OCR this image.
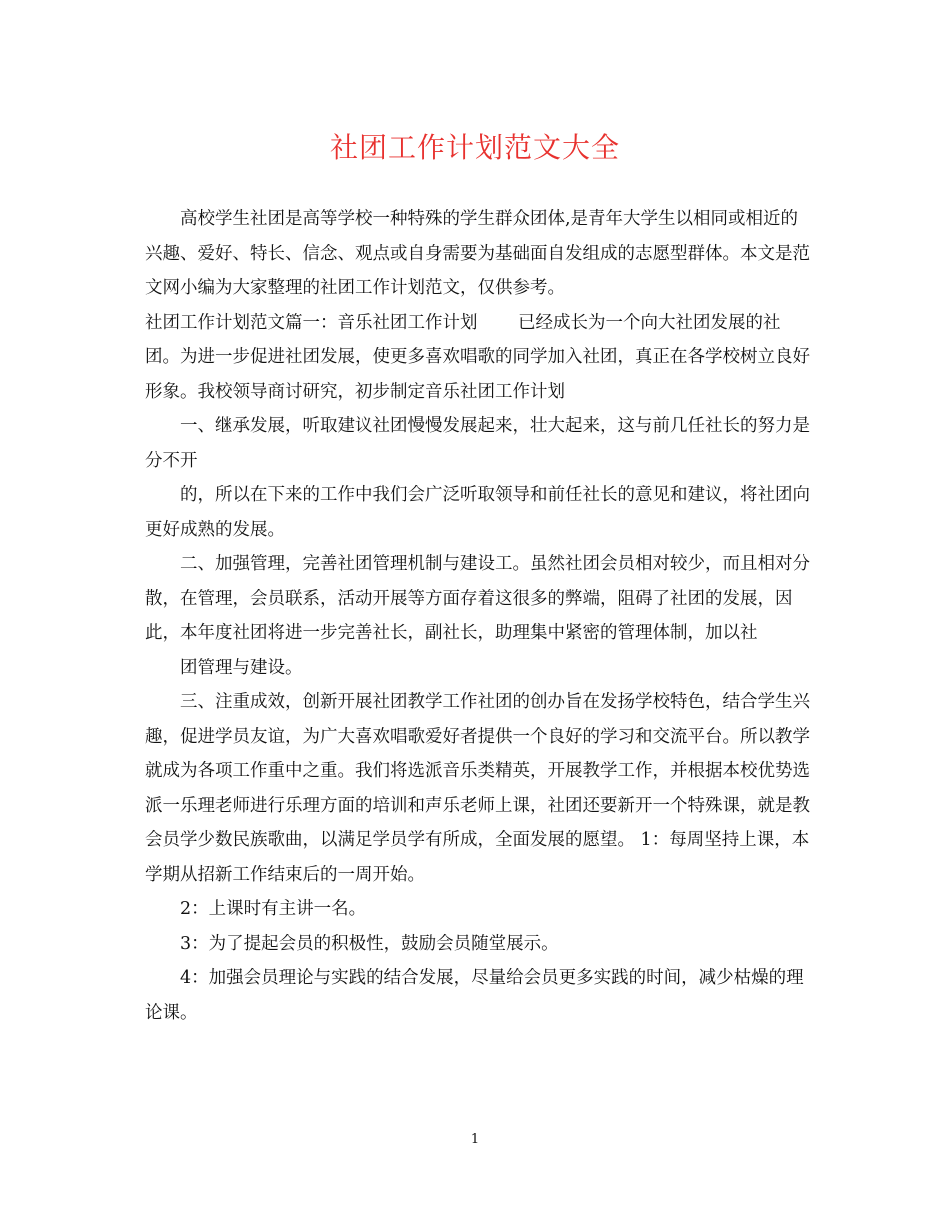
社团工作计划范文大全

高校学生社团是高等学校一种特殊的学生群众团体,是青年大学生以相同或相近的兴趣、爱好、特长、信念、观点或自身需要为基础面自发组成的志愿型群体。本文是范文网小编为大家整理的社团工作计划范文，仅供参考。

社团工作计划范文篇一：音乐社团工作计划　　 已经成长为一个向大社团发展的社团。为进一步促进社团发展，使更多喜欢唱歌的同学加入社团，真正在各学校树立良好形象。我校领导商讨研究，初步制定音乐社团工作计划

一、继承发展，听取建议社团慢慢发展起来，壮大起来，这与前几任社长的努力是分不开

的，所以在下来的工作中我们会广泛听取领导和前任社长的意见和建议，将社团向更好成熟的发展。

二、加强管理，完善社团管理机制与建设工。虽然社团会员相对较少，而且相对分散，在管理，会员联系，活动开展等方面存着这很多的弊端，阻碍了社团的发展，因此，本年度社团将进一步完善社长，副社长，助理集中紧密的管理体制，加以社

团管理与建设。

三、注重成效，创新开展社团教学工作社团的创办旨在发扬学校特色，结合学生兴趣，促进学员友谊，为广大喜欢唱歌爱好者提供一个良好的学习和交流平台。所以教学就成为各项工作重中之重。我们将选派音乐类精英，开展教学工作，并根据本校优势选派一乐理老师进行乐理方面的培训和声乐老师上课，社团还要新开一个特殊课，就是教会员学少数民族歌曲，以满足学员学有所成，全面发展的愿望。 1：每周坚持上课，本学期从招新工作结束后的一周开始。

2：上课时有主讲一名。

3：为了提起会员的积极性，鼓励会员随堂展示。

4：加强会员理论与实践的结合发展，尽量给会员更多实践的时间，减少枯燥的理论课。

1
